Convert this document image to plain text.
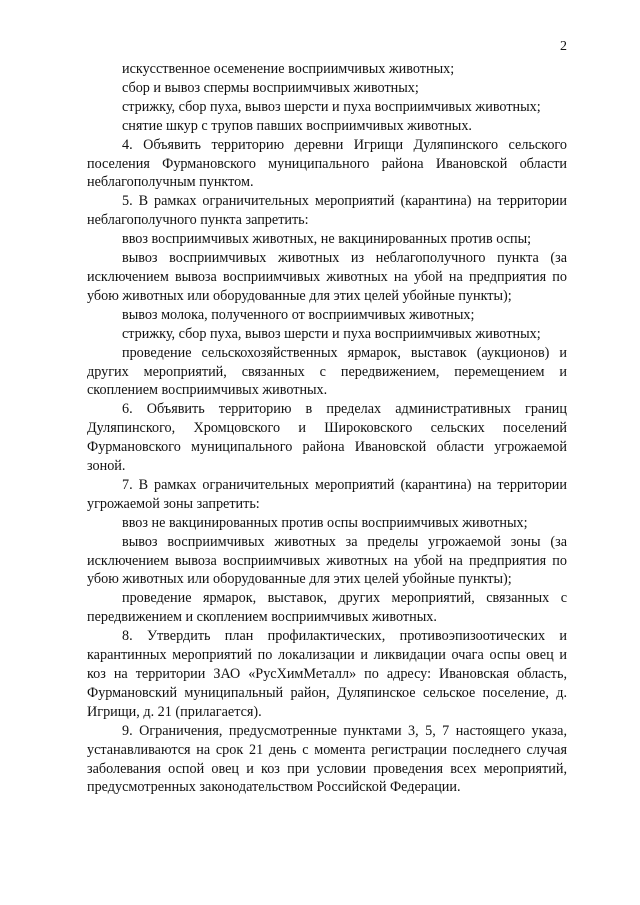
2

искусственное осеменение восприимчивых животных;

сбор и вывоз спермы восприимчивых животных;

стрижку, сбор пуха, вывоз шерсти и пуха восприимчивых животных;

снятие шкур с трупов павших восприимчивых животных.

4. Объявить территорию деревни Игрищи Дуляпинского сельского поселения Фурмановского муниципального района Ивановской области неблагополучным пунктом.

5. В рамках ограничительных мероприятий (карантина) на территории неблагополучного пункта запретить:

ввоз восприимчивых животных, не вакцинированных против оспы;

вывоз восприимчивых животных из неблагополучного пункта (за исключением вывоза восприимчивых животных на убой на предприятия по убою животных или оборудованные для этих целей убойные пункты);

вывоз молока, полученного от восприимчивых животных;

стрижку, сбор пуха, вывоз шерсти и пуха восприимчивых животных;

проведение сельскохозяйственных ярмарок, выставок (аукционов) и других мероприятий, связанных с передвижением, перемещением и скоплением восприимчивых животных.

6. Объявить территорию в пределах административных границ Дуляпинского, Хромцовского и Широковского сельских поселений Фурмановского муниципального района Ивановской области угрожаемой зоной.

7. В рамках ограничительных мероприятий (карантина) на территории угрожаемой зоны запретить:

ввоз не вакцинированных против оспы восприимчивых животных;

вывоз восприимчивых животных за пределы угрожаемой зоны (за исключением вывоза восприимчивых животных на убой на предприятия по убою животных или оборудованные для этих целей убойные пункты);

проведение ярмарок, выставок, других мероприятий, связанных с передвижением и скоплением восприимчивых животных.

8. Утвердить план профилактических, противоэпизоотических и карантинных мероприятий по локализации и ликвидации очага оспы овец и коз на территории ЗАО «РусХимМеталл» по адресу: Ивановская область, Фурмановский муниципальный район, Дуляпинское сельское поселение, д. Игрищи, д. 21 (прилагается).

9. Ограничения, предусмотренные пунктами 3, 5, 7 настоящего указа, устанавливаются на срок 21 день с момента регистрации последнего случая заболевания оспой овец и коз при условии проведения всех мероприятий, предусмотренных законодательством Российской Федерации.
